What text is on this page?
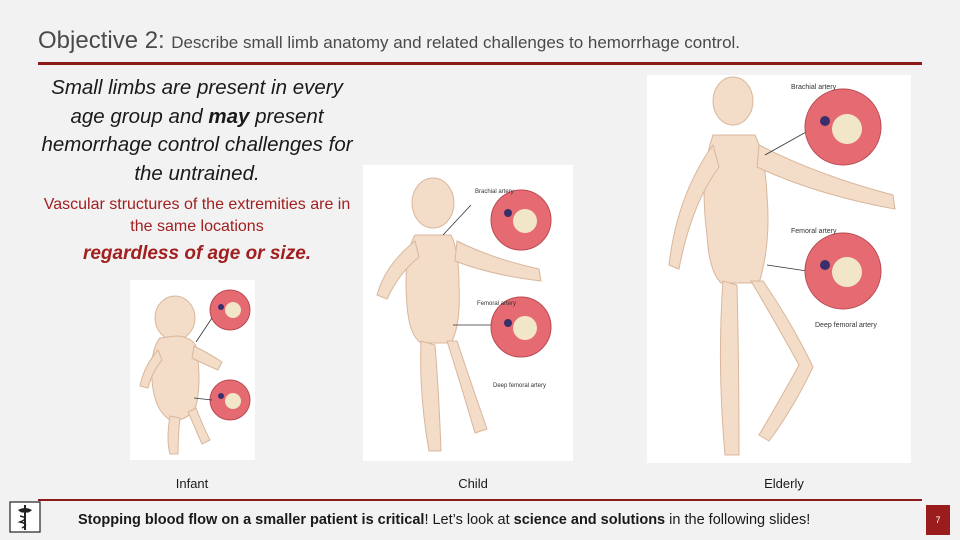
Objective 2: Describe small limb anatomy and related challenges to hemorrhage control.
Small limbs are present in every age group and may present hemorrhage control challenges for the untrained.
Vascular structures of the extremities are in the same locations
regardless of age or size.
Brachial artery
Femoral artery
Deep femoral artery
Brachial artery
Femoral artery
Deep femoral artery
Infant	Child	Elderly
Stopping blood flow on a smaller patient is critical! Let’s look at science and solutions in the following slides!	7
